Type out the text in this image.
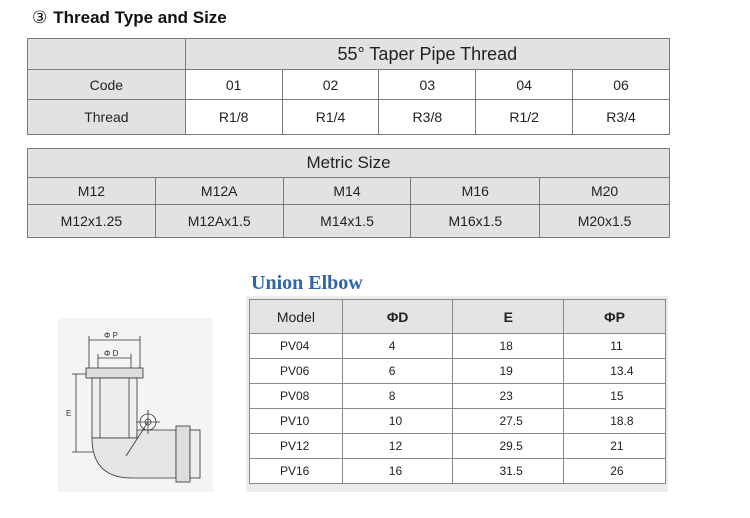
③ Thread Type and Size
	55° Taper Pipe Thread				
Code	01	02	03	04	06
Thread	R1/8	R1/4	R3/8	R1/2	R3/4
Metric Size				
M12	M12A	M14	M16	M20
M12x1.25	M12Ax1.5	M14x1.5	M16x1.5	M20x1.5
Union Elbow
Φ P
Φ D
E
Model	ΦD	E	ΦP
PV04	4	18	11
PV06	6	19	13.4
PV08	8	23	15
PV10	10	27.5	18.8
PV12	12	29.5	21
PV16	16	31.5	26
